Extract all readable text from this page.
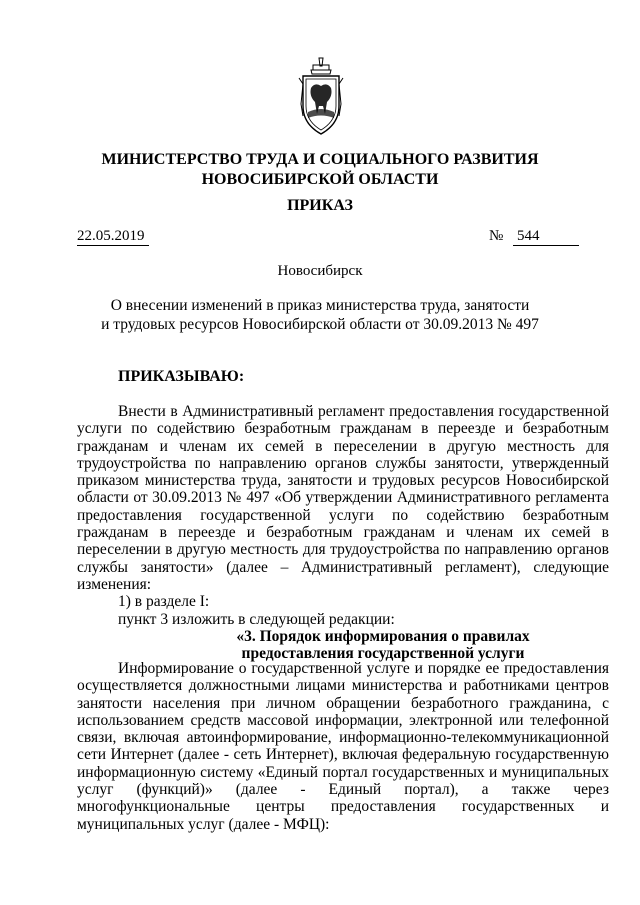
МИНИСТЕРСТВО ТРУДА И СОЦИАЛЬНОГО РАЗВИТИЯ
НОВОСИБИРСКОЙ ОБЛАСТИ
ПРИКАЗ
22.05.2019	№ 544
Новосибирск
О внесении изменений в приказ министерства труда, занятости
и трудовых ресурсов Новосибирской области от 30.09.2013 № 497
ПРИКАЗЫВАЮ:

Внести в Административный регламент предоставления государственной услуги по содействию безработным гражданам в переезде и безработным гражданам и членам их семей в переселении в другую местность для трудоустройства по направлению органов службы занятости, утвержденный приказом министерства труда, занятости и трудовых ресурсов Новосибирской области от 30.09.2013 № 497 «Об утверждении Административного регламента предоставления государственной услуги по содействию безработным гражданам в переезде и безработным гражданам и членам их семей в переселении в другую местность для трудоустройства по направлению органов службы занятости» (далее – Административный регламент), следующие изменения:

1) в разделе I:

пункт 3 изложить в следующей редакции:

«3. Порядок информирования о правилах
предоставления государственной услуги

Информирование о государственной услуге и порядке ее предоставления осуществляется должностными лицами министерства и работниками центров занятости населения при личном обращении безработного гражданина, с использованием средств массовой информации, электронной или телефонной связи, включая автоинформирование, информационно-телекоммуникационной сети Интернет (далее - сеть Интернет), включая федеральную государственную информационную систему «Единый портал государственных и муниципальных услуг (функций)» (далее - Единый портал), а также через многофункциональные центры предоставления государственных и муниципальных услуг (далее - МФЦ):
